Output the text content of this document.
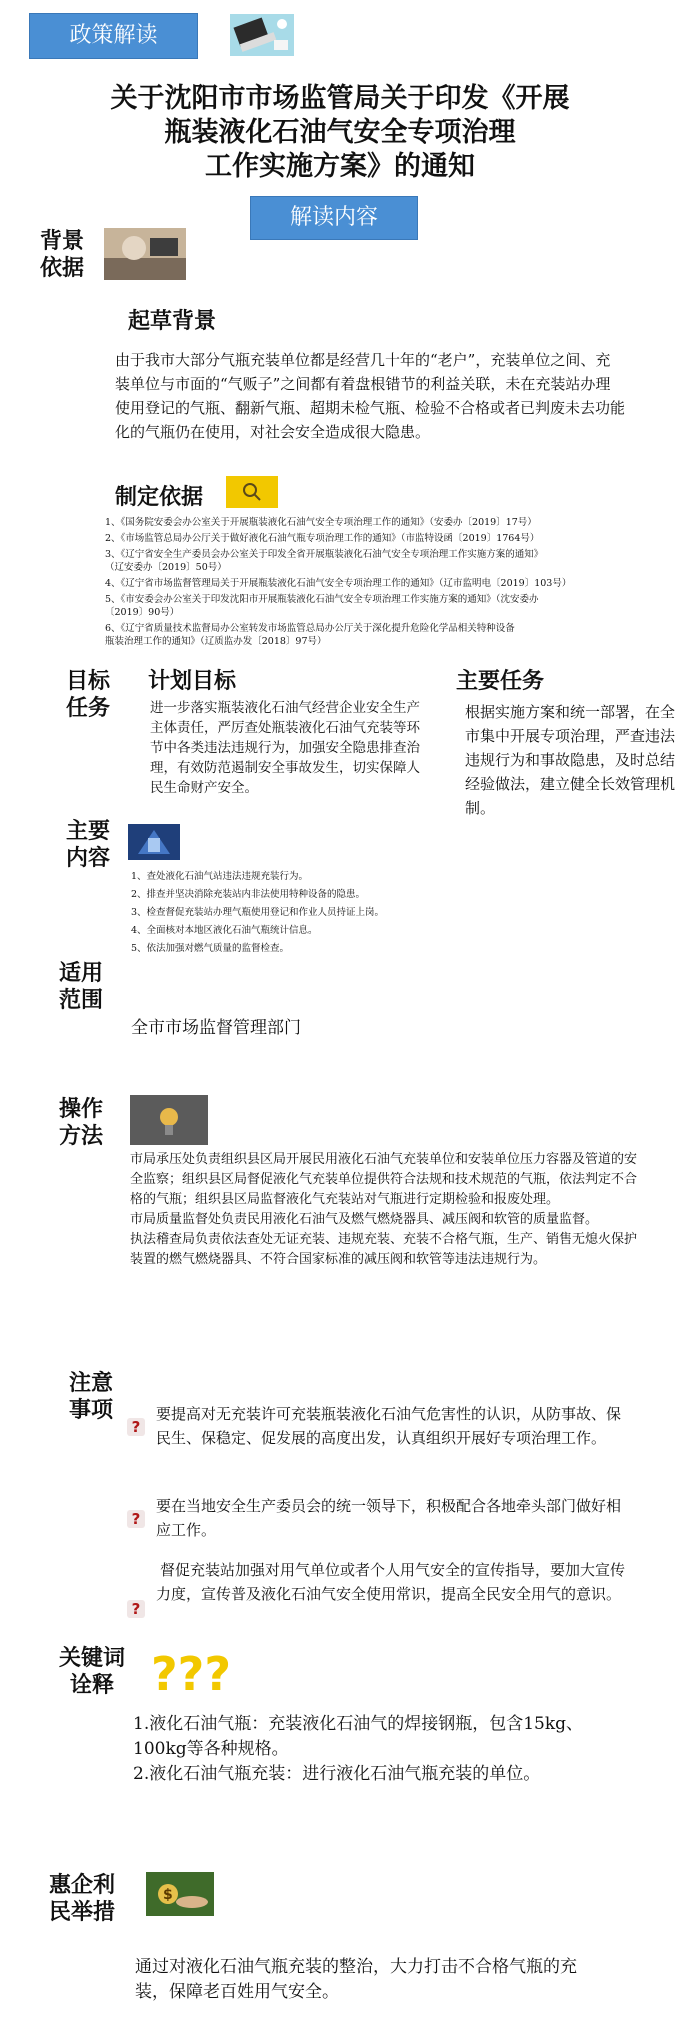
政策解读
关于沈阳市市场监管局关于印发《开展
瓶装液化石油气安全专项治理
工作实施方案》的通知
解读内容
背景
依据
起草背景
由于我市大部分气瓶充装单位都是经营几十年的“老户”，充装单位之间、充装单位与市面的“气贩子”之间都有着盘根错节的利益关联，未在充装站办理使用登记的气瓶、翻新气瓶、超期未检气瓶、检验不合格或者已判废未去功能化的气瓶仍在使用，对社会安全造成很大隐患。
制定依据
1、《国务院安委会办公室关于开展瓶装液化石油气安全专项治理工作的通知》（安委办〔2019〕17号）
2、《市场监管总局办公厅关于做好液化石油气瓶专项治理工作的通知》（市监特设函〔2019〕1764号）
3、《辽宁省安全生产委员会办公室关于印发全省开展瓶装液化石油气安全专项治理工作实施方案的通知》
（辽安委办〔2019〕50号）
4、《辽宁省市场监督管理局关于开展瓶装液化石油气安全专项治理工作的通知》（辽市监明电〔2019〕103号）
5、《市安委会办公室关于印发沈阳市开展瓶装液化石油气安全专项治理工作实施方案的通知》（沈安委办
〔2019〕90号）
6、《辽宁省质量技术监督局办公室转发市场监管总局办公厅关于深化提升危险化学品相关特种设备
瓶装治理工作的通知》（辽质监办发〔2018〕97号）
目标
任务
计划目标
进一步落实瓶装液化石油气经营企业安全生产主体责任，严厉查处瓶装液化石油气充装等环节中各类违法违规行为，加强安全隐患排查治理，有效防范遏制安全事故发生，切实保障人民生命财产安全。
主要任务
根据实施方案和统一部署，在全市集中开展专项治理，严查违法违规行为和事故隐患，及时总结经验做法，建立健全长效管理机制。
主要
内容
1、查处液化石油气站违法违规充装行为。
2、排查并坚决消除充装站内非法使用特种设备的隐患。
3、检查督促充装站办理气瓶使用登记和作业人员持证上岗。
4、全面核对本地区液化石油气瓶统计信息。
5、依法加强对燃气质量的监督检查。
适用
范围
全市市场监督管理部门
操作
方法
市局承压处负责组织县区局开展民用液化石油气充装单位和安装单位压力容器及管道的安全监察；组织县区局督促液化气充装单位提供符合法规和技术规范的气瓶，依法判定不合格的气瓶；组织县区局监督液化气充装站对气瓶进行定期检验和报废处理。
市局质量监督处负责民用液化石油气及燃气燃烧器具、减压阀和软管的质量监督。
执法稽查局负责依法查处无证充装、违规充装、充装不合格气瓶，生产、销售无熄火保护装置的燃气燃烧器具、不符合国家标准的减压阀和软管等违法违规行为。
注意
事项
?
要提高对无充装许可充装瓶装液化石油气危害性的认识，从防事故、保民生、保稳定、促发展的高度出发，认真组织开展好专项治理工作。
?
要在当地安全生产委员会的统一领导下，积极配合各地牵头部门做好相应工作。
?
督促充装站加强对用气单位或者个人用气安全的宣传指导，要加大宣传力度，宣传普及液化石油气安全使用常识，提高全民安全用气的意识。
关键词
诠释 ???
1.液化石油气瓶：充装液化石油气的焊接钢瓶，包含15kg、100kg等各种规格。
2.液化石油气瓶充装：进行液化石油气瓶充装的单位。
惠企利
民举措
$
通过对液化石油气瓶充装的整治，大力打击不合格气瓶的充装，保障老百姓用气安全。
